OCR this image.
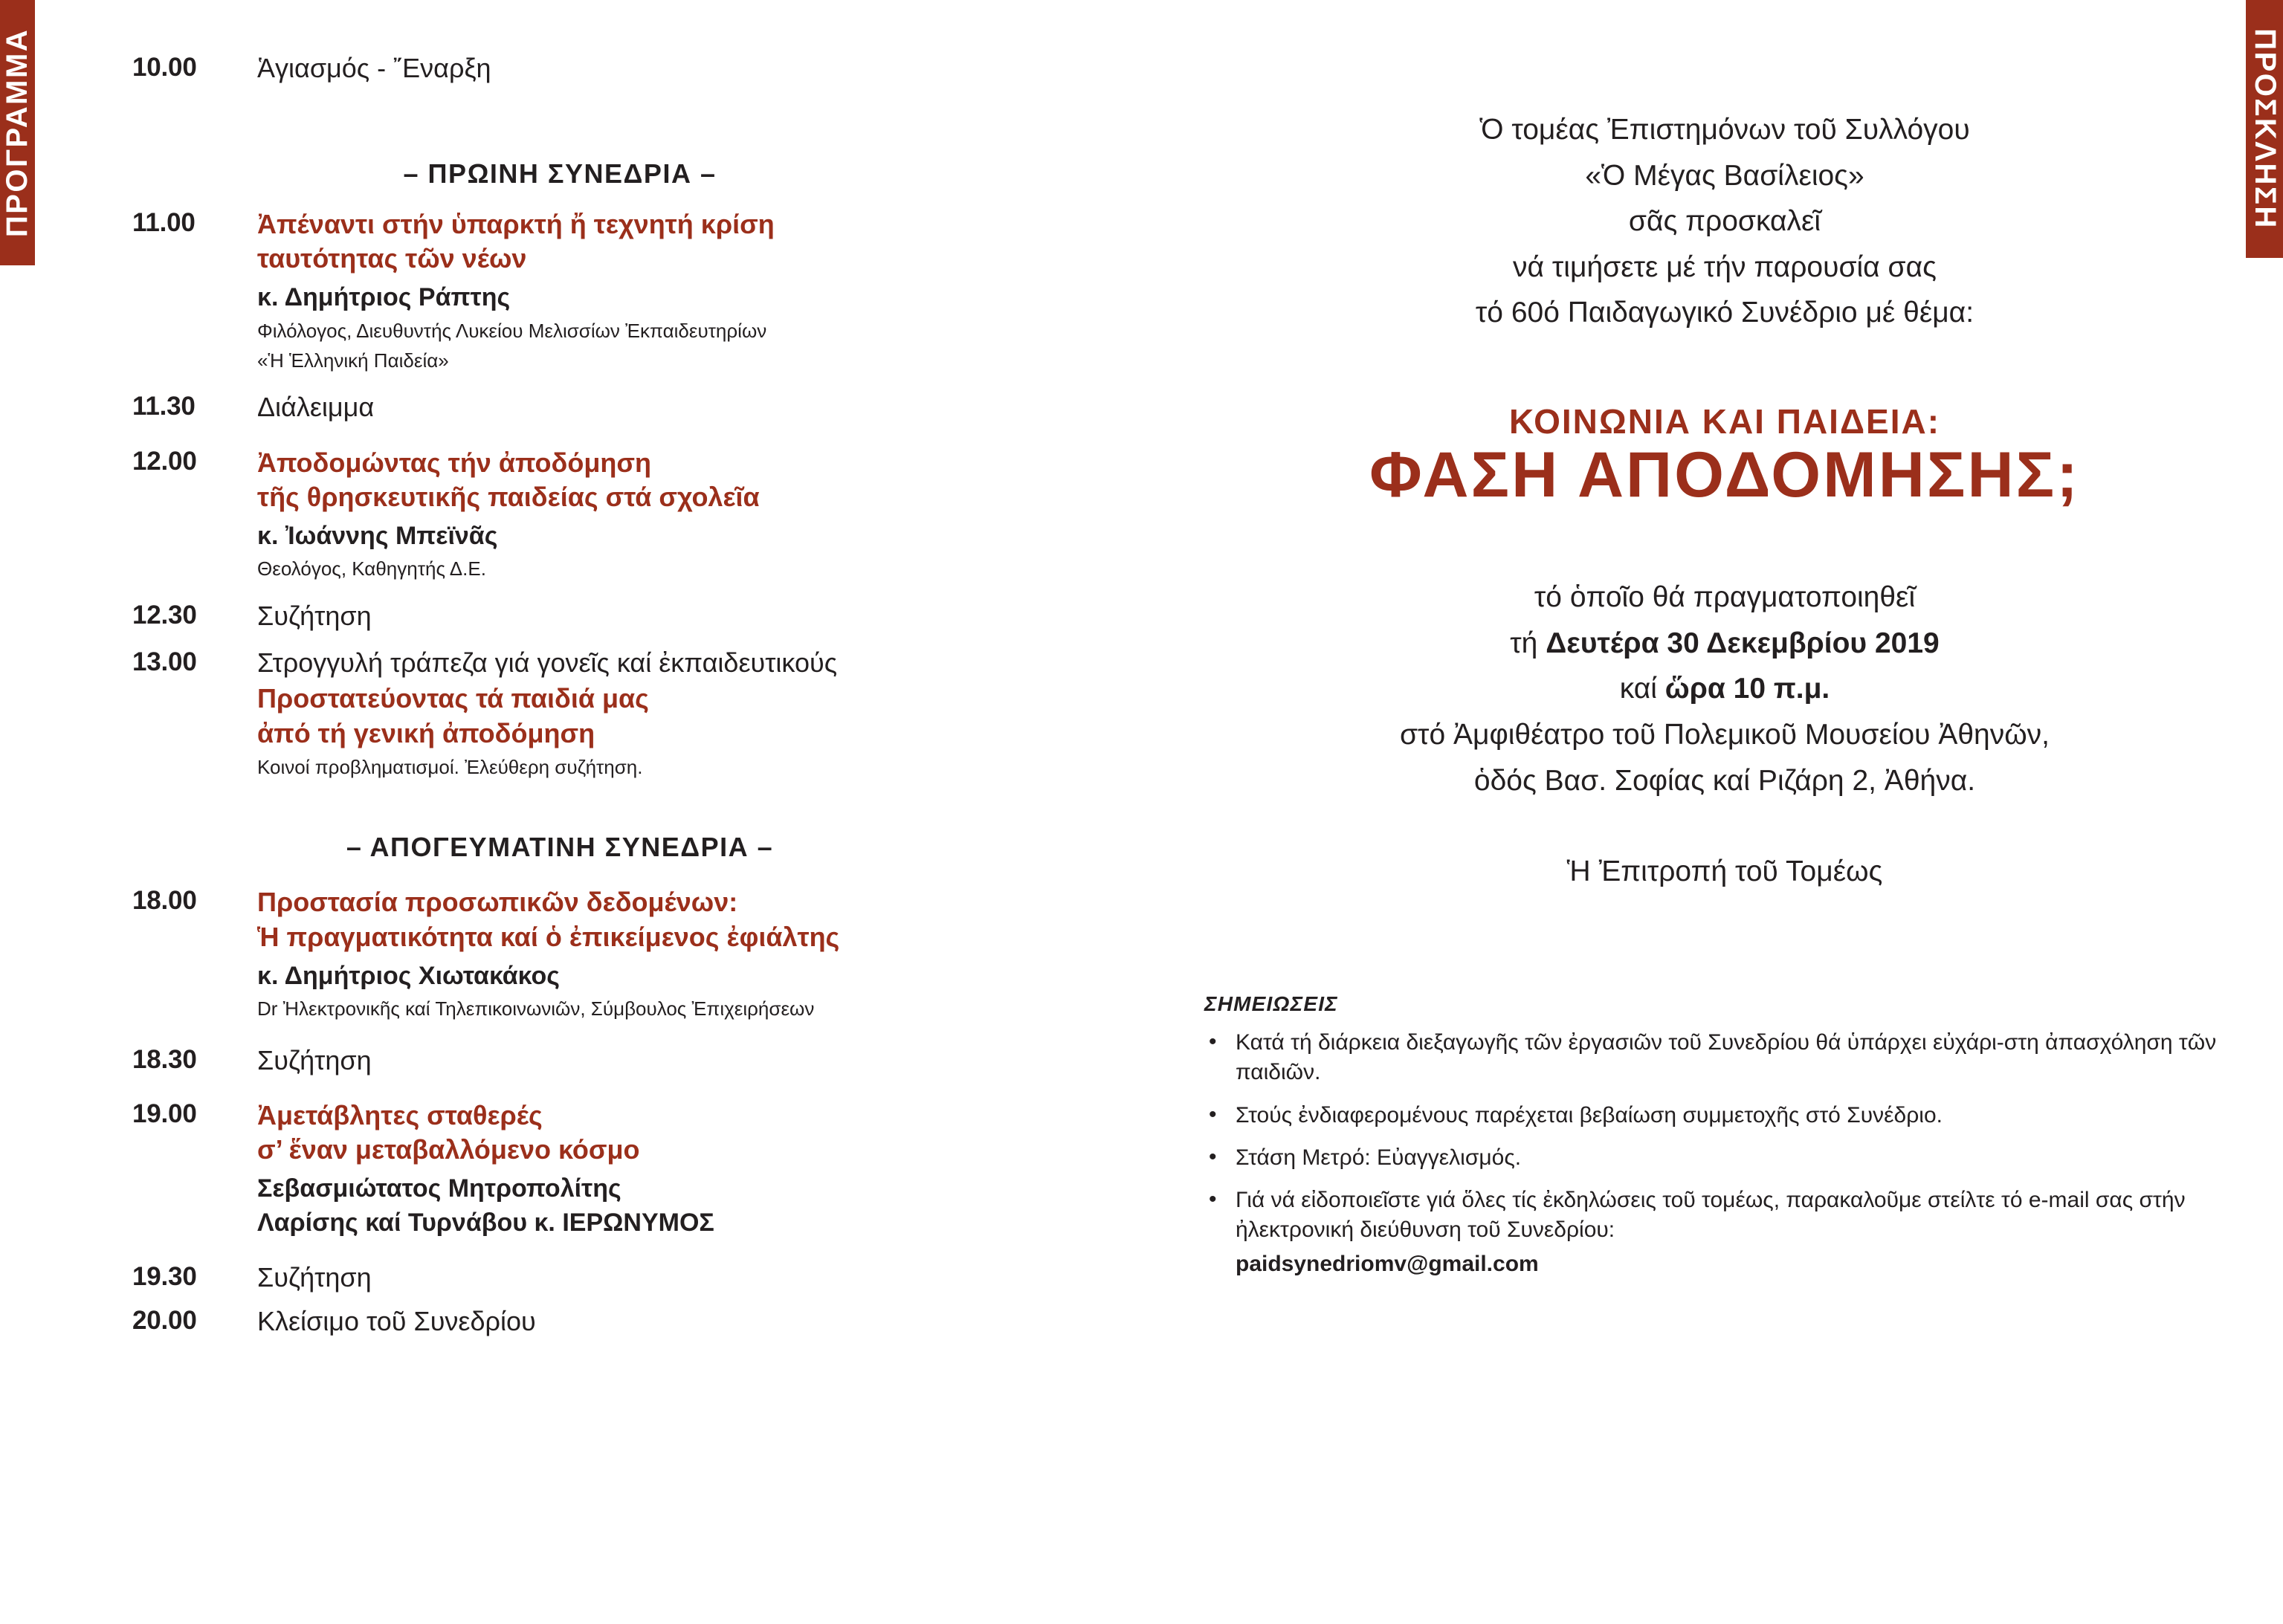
ΠΡΟΓΡΑΜΜΑ	ΠΡΟΣΚΛΗΣΗ
10.00	Ἁγιασμός - ῎Εναρξη
– ΠΡΩΙΝΗ ΣΥΝΕΔΡΙΑ –
11.00	Ἀπέναντι στήν ὑπαρκτή ἤ τεχνητή κρίση
ταυτότητας τῶν νέων
κ. Δημήτριος Ράπτης
Φιλόλογος, Διευθυντής Λυκείου Μελισσίων Ἐκπαιδευτηρίων
«Ἡ Ἑλληνική Παιδεία»
11.30	Διάλειμμα
12.00	Ἀποδομώντας τήν ἀποδόμηση
τῆς θρησκευτικῆς παιδείας στά σχολεῖα
κ. Ἰωάννης Μπεϊνᾶς
Θεολόγος, Καθηγητής Δ.Ε.
12.30	Συζήτηση
13.00	Στρογγυλή τράπεζα γιά γονεῖς καί ἐκπαιδευτικούς
Προστατεύοντας τά παιδιά μας
ἀπό τή γενική ἀποδόμηση
Κοινοί προβληματισμοί. Ἐλεύθερη συζήτηση.
– ΑΠΟΓΕΥΜΑΤΙΝΗ ΣΥΝΕΔΡΙΑ –
18.00	Προστασία προσωπικῶν δεδομένων:
Ἡ πραγματικότητα καί ὁ ἐπικείμενος ἐφιάλτης
κ. Δημήτριος Χιωτακάκος
Dr Ἠλεκτρονικῆς καί Τηλεπικοινωνιῶν, Σύμβουλος Ἐπιχειρήσεων
18.30	Συζήτηση
19.00	Ἀμετάβλητες σταθερές
σ’ ἕναν μεταβαλλόμενο κόσμο
Σεβασμιώτατος Μητροπολίτης
Λαρίσης καί Τυρνάβου κ. ΙΕΡΩΝΥΜΟΣ
19.30	Συζήτηση
20.00	Κλείσιμο τοῦ Συνεδρίου
Ὁ τομέας Ἐπιστημόνων τοῦ Συλλόγου
«Ὁ Μέγας Βασίλειος»
σᾶς προσκαλεῖ
νά τιμήσετε μέ τήν παρουσία σας
τό 60ό Παιδαγωγικό Συνέδριο μέ θέμα:
ΚΟΙΝΩΝΙΑ ΚΑΙ ΠΑΙΔΕΙΑ:
ΦΑΣΗ ΑΠΟΔΟΜΗΣΗΣ;
τό ὁποῖο θά πραγματοποιηθεῖ
τή Δευτέρα 30 Δεκεμβρίου 2019
καί ὥρα 10 π.μ.
στό Ἀμφιθέατρο τοῦ Πολεμικοῦ Μουσείου Ἀθηνῶν,
ὁδός Βασ. Σοφίας καί Ριζάρη 2, Ἀθήνα.
Ἡ Ἐπιτροπή τοῦ Τομέως
ΣΗΜΕΙΩΣΕΙΣ
• Κατά τή διάρκεια διεξαγωγῆς τῶν ἐργασιῶν τοῦ Συνεδρίου θά ὑπάρχει εὐχάρι-στη ἀπασχόληση τῶν παιδιῶν.
• Στούς ἐνδιαφερομένους παρέχεται βεβαίωση συμμετοχῆς στό Συνέδριο.
• Στάση Μετρό: Εὐαγγελισμός.
• Γιά νά εἰδοποιεῖστε γιά ὅλες τίς ἐκδηλώσεις τοῦ τομέως, παρακαλοῦμε στείλτε τό e-mail σας στήν ἠλεκτρονική διεύθυνση τοῦ Συνεδρίου:
paidsynedriomv@gmail.com
